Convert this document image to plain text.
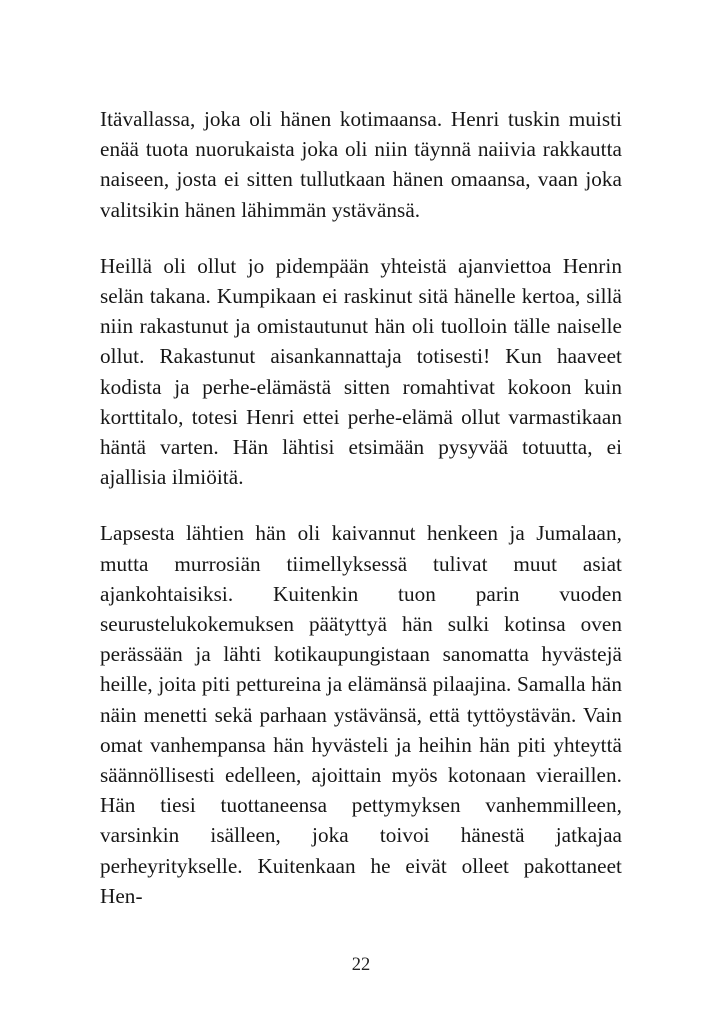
Itävallassa, joka oli hänen kotimaansa. Henri tuskin muisti enää tuota nuorukaista joka oli niin täynnä naiivia rakkautta naiseen, josta ei sitten tullutkaan hänen omaansa, vaan joka valitsikin hänen lähimmän ystävänsä.

Heillä oli ollut jo pidempään yhteistä ajanviettoa Henrin selän takana. Kumpikaan ei raskinut sitä hänelle kertoa, sillä niin rakastunut ja omistautunut hän oli tuolloin tälle naiselle ollut. Rakastunut aisankannattaja totisesti! Kun haaveet kodista ja perhe-elämästä sitten romahtivat kokoon kuin korttitalo, totesi Henri ettei perhe-elämä ollut varmastikaan häntä varten. Hän lähtisi etsimään pysyvää totuutta, ei ajallisia ilmiöitä.

Lapsesta lähtien hän oli kaivannut henkeen ja Jumalaan, mutta murrosiän tiimellyksessä tulivat muut asiat ajankohtaisiksi. Kuitenkin tuon parin vuoden seurustelukokemuksen päätyttyä hän sulki kotinsa oven perässään ja lähti kotikaupungistaan sanomatta hyvästejä heille, joita piti pettureina ja elämänsä pilaajina. Samalla hän näin menetti sekä parhaan ystävänsä, että tyttöystävän. Vain omat vanhempansa hän hyvästeli ja heihin hän piti yhteyttä säännöllisesti edelleen, ajoittain myös kotonaan vieraillen. Hän tiesi tuottaneensa pettymyksen vanhemmilleen, varsinkin isälleen, joka toivoi hänestä jatkajaa perheyritykselle. Kuitenkaan he eivät olleet pakottaneet Hen-

22
